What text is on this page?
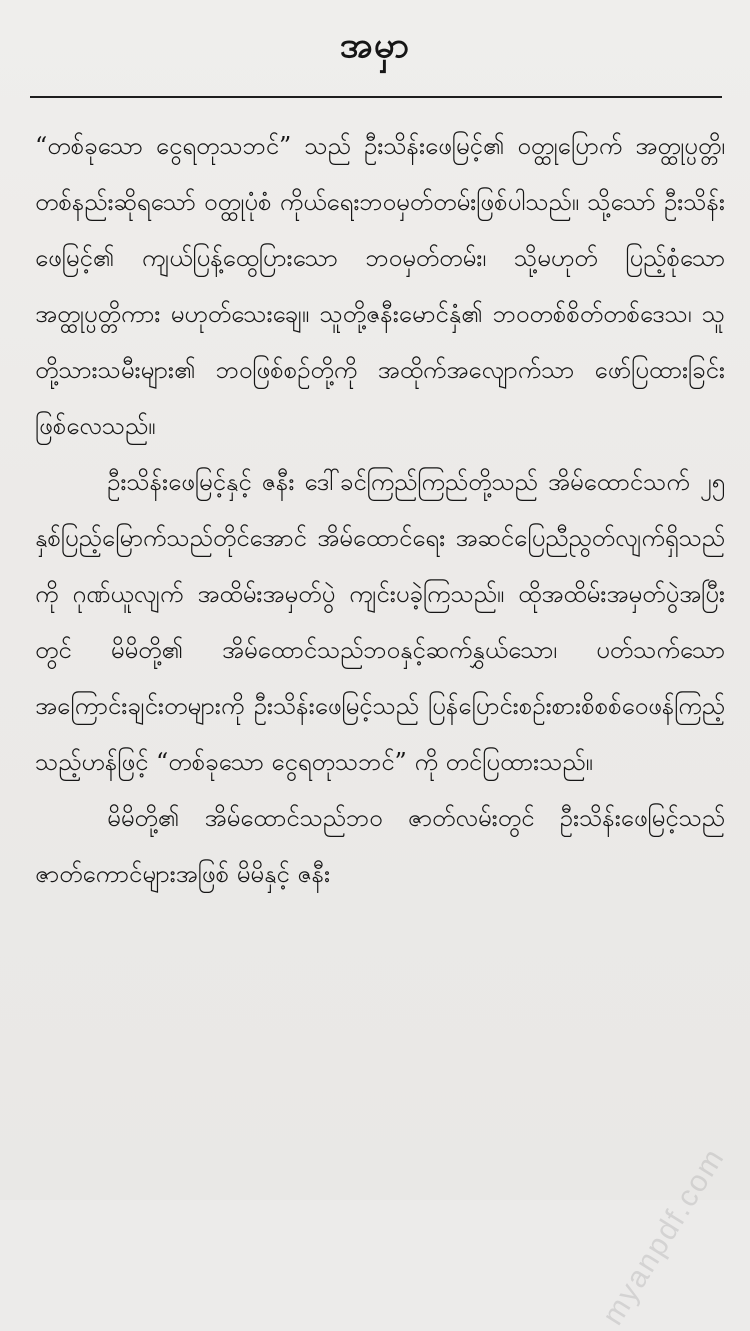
အမှာ

“တစ်ခုသော ငွေရတုသဘင်” သည် ဦးသိန်းဖေမြင့်၏ ဝတ္ထုပြောက် အတ္ထုပ္ပတ္တိ၊ တစ်နည်းဆိုရသော် ဝတ္ထုပုံစံ ကိုယ်ရေးဘဝမှတ်တမ်းဖြစ်ပါသည်။ သို့သော် ဦးသိန်းဖေမြင့်၏ ကျယ်ပြန့်ထွေပြားသော ဘဝမှတ်တမ်း၊ သို့မဟုတ် ပြည့်စုံသော အတ္ထုပ္ပတ္တိကား မဟုတ်သေးချေ။ သူတို့ဇနီးမောင်နှံ၏ ဘဝတစ်စိတ်တစ်ဒေသ၊ သူတို့သားသမီးများ၏ ဘဝဖြစ်စဉ်တို့ကို အထိုက်အလျောက်သာ ဖော်ပြထားခြင်း ဖြစ်လေသည်။

ဦးသိန်းဖေမြင့်နှင့် ဇနီး ဒေါ်ခင်ကြည်ကြည်တို့သည် အိမ်ထောင်သက် ၂၅ နှစ်ပြည့်မြောက်သည်တိုင်အောင် အိမ်ထောင်ရေး အဆင်ပြေညီညွတ်လျက်ရှိသည်ကို ဂုဏ်ယူလျက် အထိမ်းအမှတ်ပွဲ ကျင်းပခဲ့ကြသည်။ ထိုအထိမ်းအမှတ်ပွဲအပြီးတွင် မိမိတို့၏ အိမ်ထောင်သည်ဘဝနှင့်ဆက်နွှယ်သော၊ ပတ်သက်သော အကြောင်းချင်းတများကို ဦးသိန်းဖေမြင့်သည် ပြန်ပြောင်းစဉ်းစားစိစစ်ဝေဖန်ကြည့်သည့်ဟန်ဖြင့် “တစ်ခုသော ငွေရတုသဘင်” ကို တင်ပြထားသည်။

မိမိတို့၏ အိမ်ထောင်သည်ဘဝ ဇာတ်လမ်းတွင် ဦးသိန်းဖေမြင့်သည် ဇာတ်ကောင်များအဖြစ် မိမိနှင့် ဇနီး

myanpdf.com
